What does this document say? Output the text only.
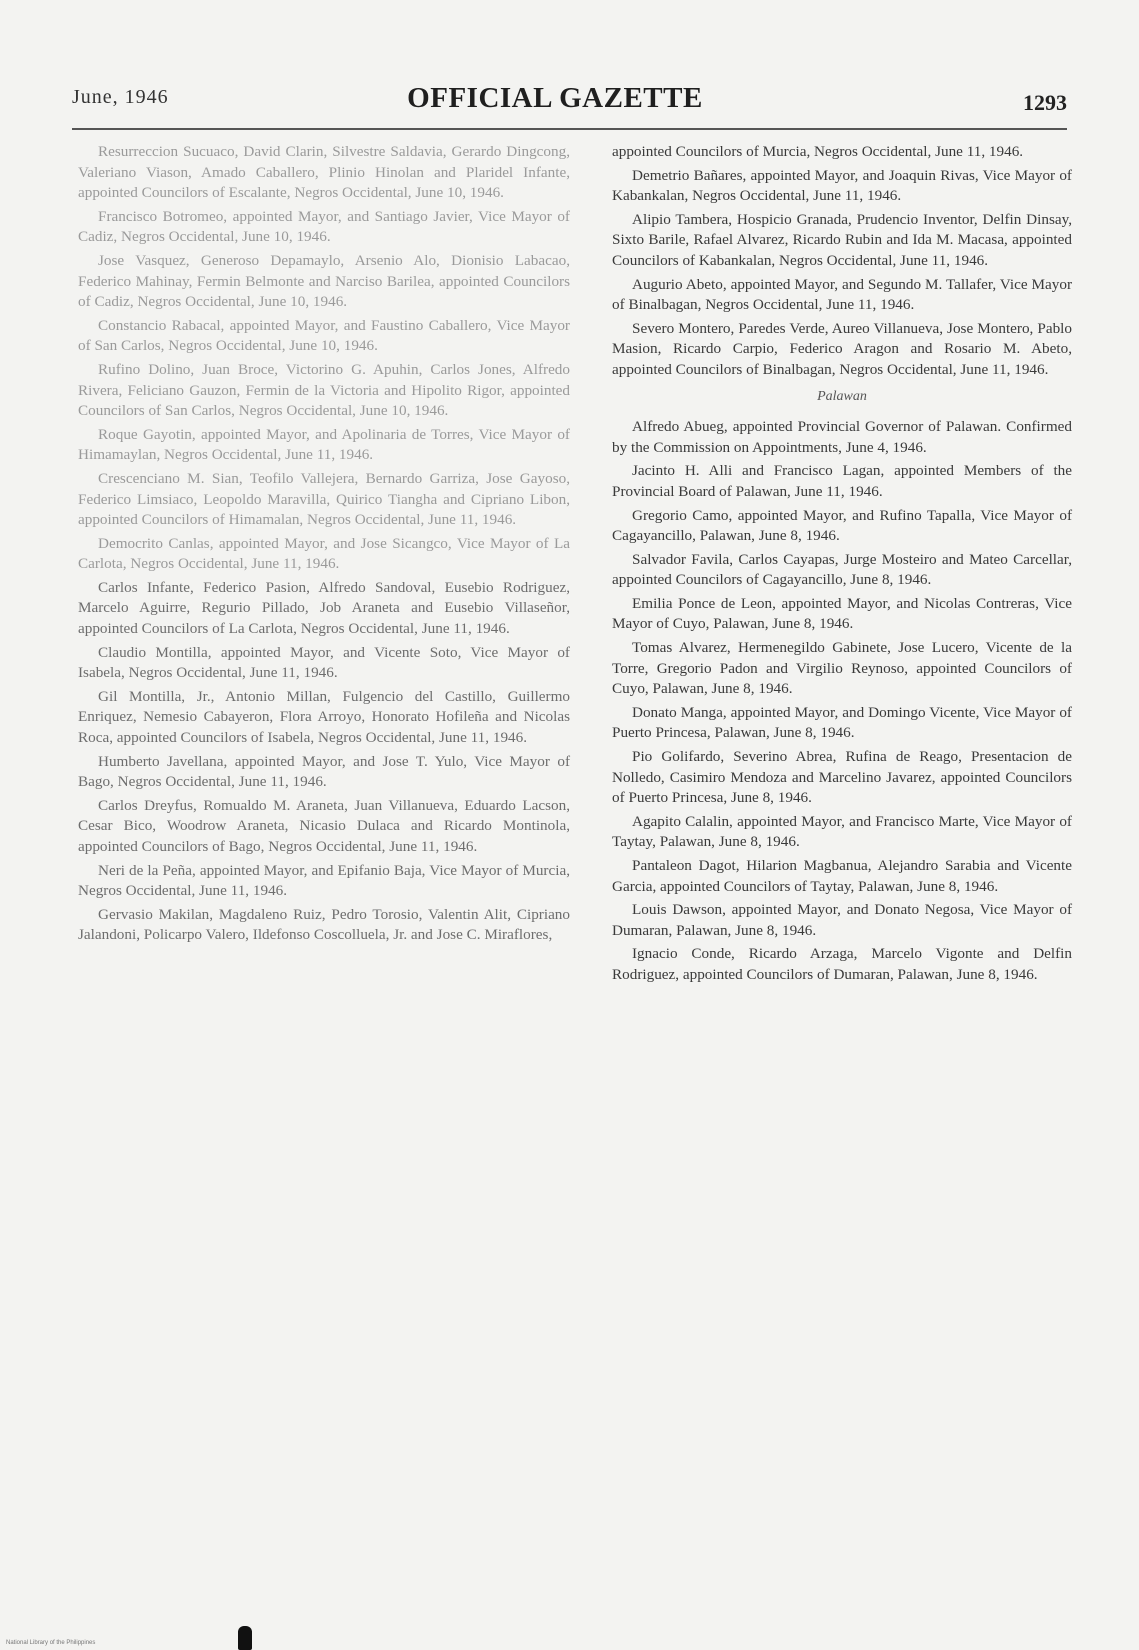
June, 1946	OFFICIAL GAZETTE	1293

Resurreccion Sucuaco, David Clarin, Silvestre Saldavia, Gerardo Dingcong, Valeriano Viason, Amado Caballero, Plinio Hinolan and Plaridel Infante, appointed Councilors of Escalante, Negros Occidental, June 10, 1946.

Francisco Botromeo, appointed Mayor, and Santiago Javier, Vice Mayor of Cadiz, Negros Occidental, June 10, 1946.

Jose Vasquez, Generoso Depamaylo, Arsenio Alo, Dionisio Labacao, Federico Mahinay, Fermin Belmonte and Narciso Barilea, appointed Councilors of Cadiz, Negros Occidental, June 10, 1946.

Constancio Rabacal, appointed Mayor, and Faustino Caballero, Vice Mayor of San Carlos, Negros Occidental, June 10, 1946.

Rufino Dolino, Juan Broce, Victorino G. Apuhin, Carlos Jones, Alfredo Rivera, Feliciano Gauzon, Fermin de la Victoria and Hipolito Rigor, appointed Councilors of San Carlos, Negros Occidental, June 10, 1946.

Roque Gayotin, appointed Mayor, and Apolinaria de Torres, Vice Mayor of Himamaylan, Negros Occidental, June 11, 1946.

Crescenciano M. Sian, Teofilo Vallejera, Bernardo Garriza, Jose Gayoso, Federico Limsiaco, Leopoldo Maravilla, Quirico Tiangha and Cipriano Libon, appointed Councilors of Himamalan, Negros Occidental, June 11, 1946.

Democrito Canlas, appointed Mayor, and Jose Sicangco, Vice Mayor of La Carlota, Negros Occidental, June 11, 1946.

Carlos Infante, Federico Pasion, Alfredo Sandoval, Eusebio Rodriguez, Marcelo Aguirre, Regurio Pillado, Job Araneta and Eusebio Villaseñor, appointed Councilors of La Carlota, Negros Occidental, June 11, 1946.

Claudio Montilla, appointed Mayor, and Vicente Soto, Vice Mayor of Isabela, Negros Occidental, June 11, 1946.

Gil Montilla, Jr., Antonio Millan, Fulgencio del Castillo, Guillermo Enriquez, Nemesio Cabayeron, Flora Arroyo, Honorato Hofileña and Nicolas Roca, appointed Councilors of Isabela, Negros Occidental, June 11, 1946.

Humberto Javellana, appointed Mayor, and Jose T. Yulo, Vice Mayor of Bago, Negros Occidental, June 11, 1946.

Carlos Dreyfus, Romualdo M. Araneta, Juan Villanueva, Eduardo Lacson, Cesar Bico, Woodrow Araneta, Nicasio Dulaca and Ricardo Montinola, appointed Councilors of Bago, Negros Occidental, June 11, 1946.

Neri de la Peña, appointed Mayor, and Epifanio Baja, Vice Mayor of Murcia, Negros Occidental, June 11, 1946.

Gervasio Makilan, Magdaleno Ruiz, Pedro Torosio, Valentin Alit, Cipriano Jalandoni, Policarpo Valero, Ildefonso Coscolluela, Jr. and Jose C. Miraflores,

appointed Councilors of Murcia, Negros Occidental, June 11, 1946.

Demetrio Bañares, appointed Mayor, and Joaquin Rivas, Vice Mayor of Kabankalan, Negros Occidental, June 11, 1946.

Alipio Tambera, Hospicio Granada, Prudencio Inventor, Delfin Dinsay, Sixto Barile, Rafael Alvarez, Ricardo Rubin and Ida M. Macasa, appointed Councilors of Kabankalan, Negros Occidental, June 11, 1946.

Augurio Abeto, appointed Mayor, and Segundo M. Tallafer, Vice Mayor of Binalbagan, Negros Occidental, June 11, 1946.

Severo Montero, Paredes Verde, Aureo Villanueva, Jose Montero, Pablo Masion, Ricardo Carpio, Federico Aragon and Rosario M. Abeto, appointed Councilors of Binalbagan, Negros Occidental, June 11, 1946.

Palawan

Alfredo Abueg, appointed Provincial Governor of Palawan. Confirmed by the Commission on Appointments, June 4, 1946.

Jacinto H. Alli and Francisco Lagan, appointed Members of the Provincial Board of Palawan, June 11, 1946.

Gregorio Camo, appointed Mayor, and Rufino Tapalla, Vice Mayor of Cagayancillo, Palawan, June 8, 1946.

Salvador Favila, Carlos Cayapas, Jurge Mosteiro and Mateo Carcellar, appointed Councilors of Cagayancillo, June 8, 1946.

Emilia Ponce de Leon, appointed Mayor, and Nicolas Contreras, Vice Mayor of Cuyo, Palawan, June 8, 1946.

Tomas Alvarez, Hermenegildo Gabinete, Jose Lucero, Vicente de la Torre, Gregorio Padon and Virgilio Reynoso, appointed Councilors of Cuyo, Palawan, June 8, 1946.

Donato Manga, appointed Mayor, and Domingo Vicente, Vice Mayor of Puerto Princesa, Palawan, June 8, 1946.

Pio Golifardo, Severino Abrea, Rufina de Reago, Presentacion de Nolledo, Casimiro Mendoza and Marcelino Javarez, appointed Councilors of Puerto Princesa, June 8, 1946.

Agapito Calalin, appointed Mayor, and Francisco Marte, Vice Mayor of Taytay, Palawan, June 8, 1946.

Pantaleon Dagot, Hilarion Magbanua, Alejandro Sarabia and Vicente Garcia, appointed Councilors of Taytay, Palawan, June 8, 1946.

Louis Dawson, appointed Mayor, and Donato Negosa, Vice Mayor of Dumaran, Palawan, June 8, 1946.

Ignacio Conde, Ricardo Arzaga, Marcelo Vigonte and Delfin Rodriguez, appointed Councilors of Dumaran, Palawan, June 8, 1946.

National Library of the Philippines
